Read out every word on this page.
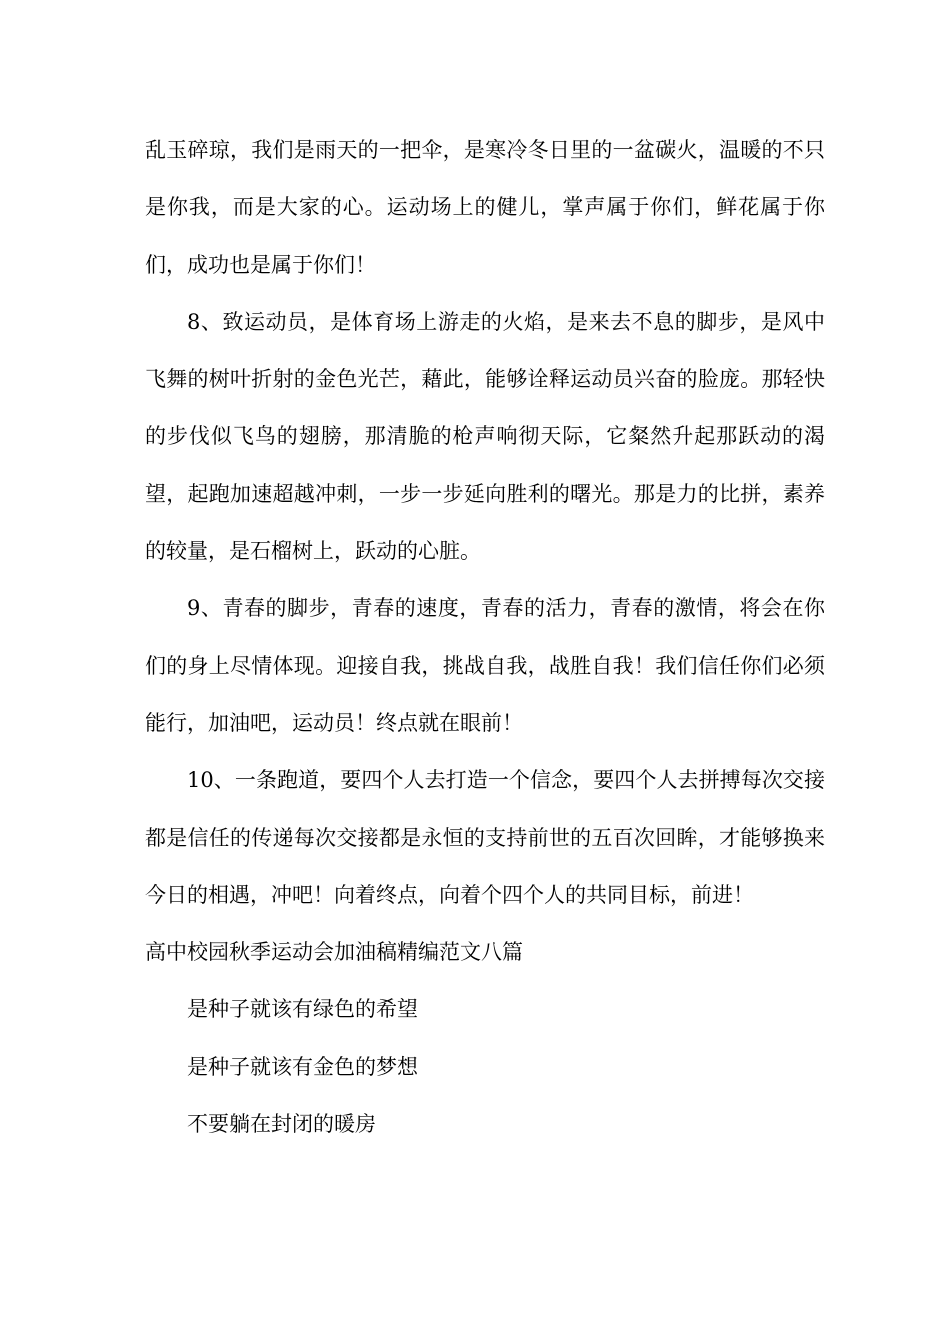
乱玉碎琼，我们是雨天的一把伞，是寒冷冬日里的一盆碳火，温暖的不只是你我，而是大家的心。运动场上的健儿，掌声属于你们，鲜花属于你们，成功也是属于你们！

8、致运动员，是体育场上游走的火焰，是来去不息的脚步，是风中飞舞的树叶折射的金色光芒，藉此，能够诠释运动员兴奋的脸庞。那轻快的步伐似飞鸟的翅膀，那清脆的枪声响彻天际，它粲然升起那跃动的渴望，起跑加速超越冲刺，一步一步延向胜利的曙光。那是力的比拼，素养的较量，是石榴树上，跃动的心脏。

9、青春的脚步，青春的速度，青春的活力，青春的激情，将会在你们的身上尽情体现。迎接自我，挑战自我，战胜自我！我们信任你们必须能行，加油吧，运动员！终点就在眼前！

10、一条跑道，要四个人去打造一个信念，要四个人去拼搏每次交接都是信任的传递每次交接都是永恒的支持前世的五百次回眸，才能够换来今日的相遇，冲吧！向着终点，向着个四个人的共同目标，前进！

高中校园秋季运动会加油稿精编范文八篇

是种子就该有绿色的希望

是种子就该有金色的梦想

不要躺在封闭的暖房
